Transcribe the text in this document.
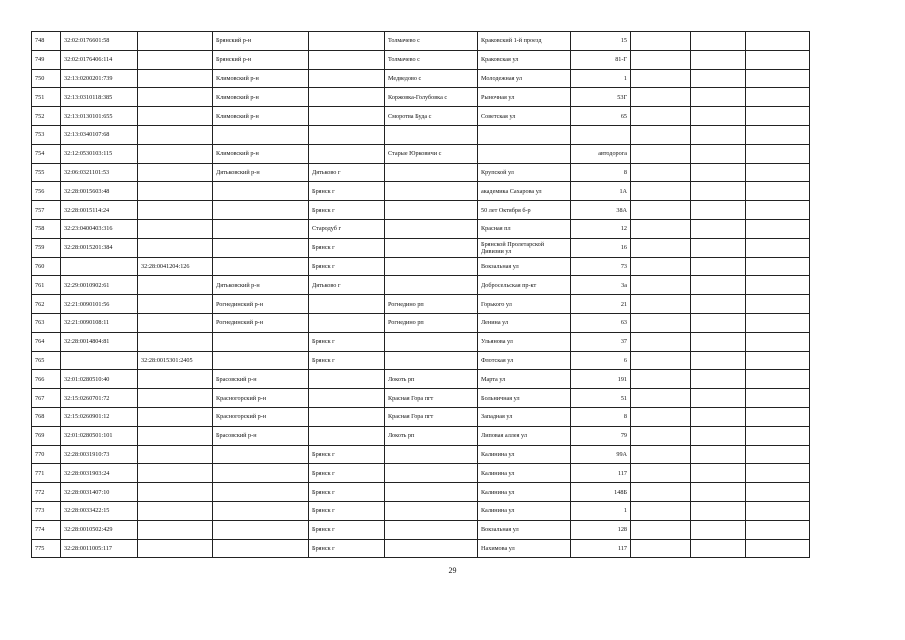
748	32:02:0176601:58		Брянский р-н		Толмачево с	Краковский 1-й проезд	15			
749	32:02:0176406:114		Брянский р-н		Толмачево с	Краковская ул	81-Г			
750	32:13:0200201:739		Климовский р-н		Медведово с	Молодежная ул	1			
751	32:13:0310118:385		Климовский р-н		Коржовка-Голубовка с	Рыночная ул	53Г			
752	32:13:0130101:655		Климовский р-н		Сморотва Буда с	Советская ул	65			
753	32:13:0340107:68									
754	32:12:0530103:115		Климовский р-н		Старые Юрковичи с		автодорога			
755	32:06:0321101:53		Дятьковский р-н	Дятьково г		Крупской ул	8			
756	32:28:0015603:48			Брянск г		академика Сахарова ул	1А			
757	32:28:0015114:24			Брянск г		50 лет Октября б-р	38А			
758	32:23:0400403:316			Стародуб г		Красная пл	12			
759	32:28:0015201:384			Брянск г		Брянской Пролетарской Дивизии ул	16			
760		32:28:0041204:126		Брянск г		Вокзальная ул	73			
761	32:29:0010902:61		Дятьковский р-н	Дятьково г		Добросельская пр-кт	3а			
762	32:21:0090101:56		Рогнединский р-н		Рогнедино рп	Горького ул	21			
763	32:21:0090108:11		Рогнединский р-н		Рогнедино рп	Ленина ул	63			
764	32:28:0014804:81			Брянск г		Ульянова ул	37			
765		32:28:0015301:2405		Брянск г		Флотская ул	6			
766	32:01:0280510:40		Брасовский р-н		Локоть рп	Марта ул	191			
767	32:15:0260701:72		Красногорский р-н		Красная Гора пгт	Больничная ул	51			
768	32:15:0260901:12		Красногорский р-н		Красная Гора пгт	Западная ул	8			
769	32:01:0280501:101		Брасовский р-н		Локоть рп	Липовая аллея ул	79			
770	32:28:0031910:73			Брянск г		Калинина ул	99А			
771	32:28:0031903:24			Брянск г		Калинина ул	117			
772	32:28:0031407:10			Брянск г		Калинина ул	148Б			
773	32:28:0033422:15			Брянск г		Калинина ул	1			
774	32:28:0010502:429			Брянск г		Вокзальная ул	128			
775	32:28:0011005:117			Брянск г		Нахимова ул	117			
29
